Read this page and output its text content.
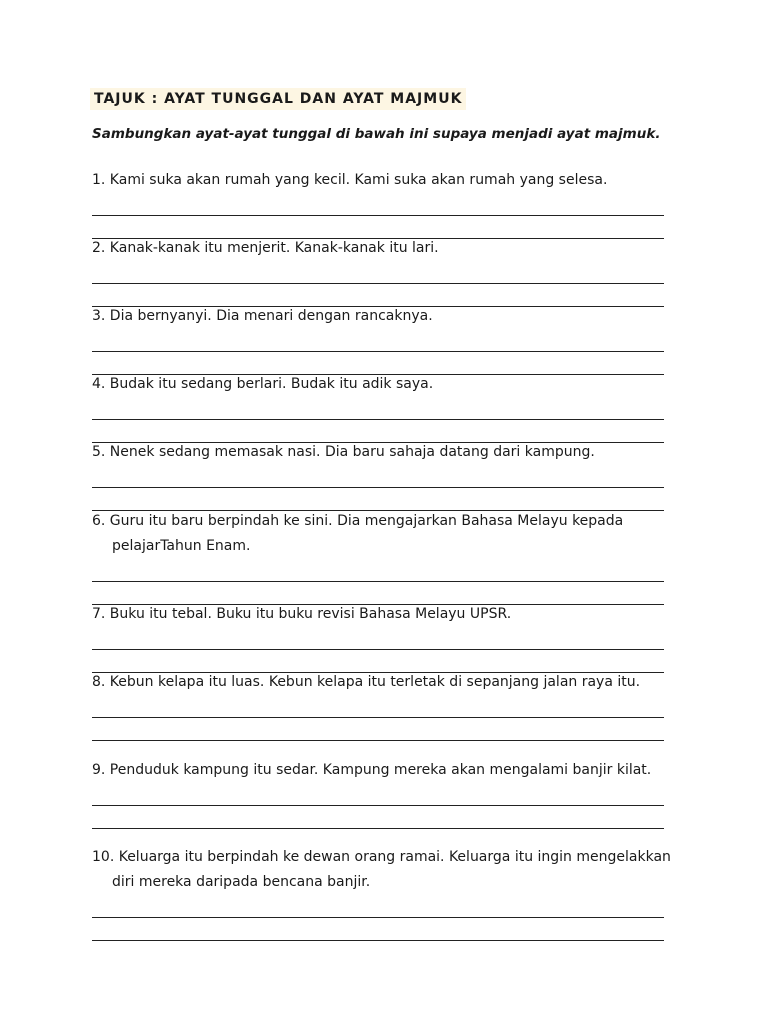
TAJUK : AYAT TUNGGAL DAN AYAT MAJMUK
Sambungkan ayat-ayat tunggal di bawah ini supaya menjadi ayat majmuk.
1. Kami suka akan rumah yang kecil. Kami suka akan rumah yang selesa.
2. Kanak-kanak itu menjerit. Kanak-kanak itu lari.
3. Dia bernyanyi. Dia menari dengan rancaknya.
4. Budak itu sedang berlari. Budak itu adik saya.
5. Nenek sedang memasak nasi. Dia baru sahaja datang dari kampung.
6. Guru itu baru berpindah ke sini. Dia mengajarkan Bahasa Melayu kepada
pelajarTahun Enam.
7. Buku itu tebal. Buku itu buku revisi Bahasa Melayu UPSR.
8. Kebun kelapa itu luas. Kebun kelapa itu terletak di sepanjang jalan raya itu.
9. Penduduk kampung itu sedar. Kampung mereka akan mengalami banjir kilat.
10. Keluarga itu berpindah ke dewan orang ramai. Keluarga itu ingin mengelakkan
diri mereka daripada bencana banjir.
